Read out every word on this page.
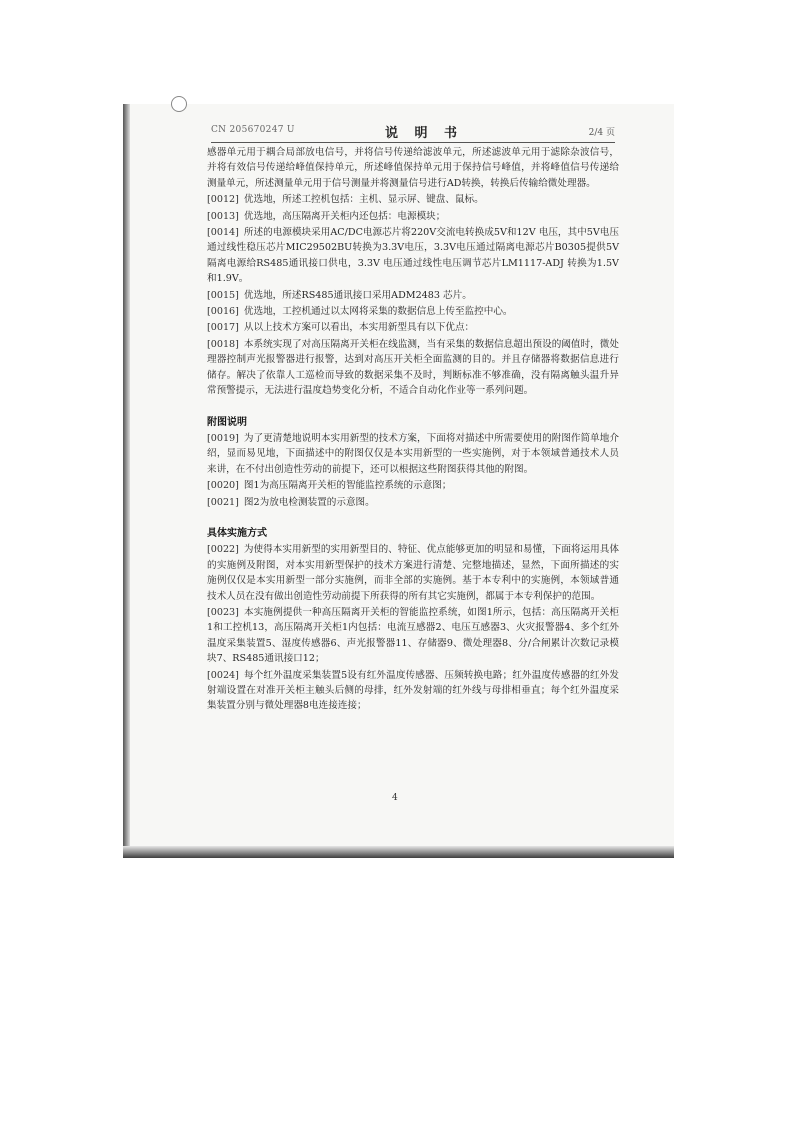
CN 205670247 U	说 明 书	2/4 页

感器单元用于耦合局部放电信号，并将信号传递给滤波单元，所述滤波单元用于滤除杂波信号，并将有效信号传递给峰值保持单元，所述峰值保持单元用于保持信号峰值，并将峰值信号传递给测量单元，所述测量单元用于信号测量并将测量信号进行AD转换，转换后传输给微处理器。

[0012] 优选地，所述工控机包括：主机、显示屏、键盘、鼠标。

[0013] 优选地，高压隔离开关柜内还包括：电源模块；

[0014] 所述的电源模块采用AC/DC电源芯片将220V交流电转换成5V和12V 电压，其中5V电压通过线性稳压芯片MIC29502BU转换为3.3V电压，3.3V电压通过隔离电源芯片B0305提供5V隔离电源给RS485通讯接口供电，3.3V 电压通过线性电压调节芯片LM1117-ADJ 转换为1.5V和1.9V。

[0015] 优选地，所述RS485通讯接口采用ADM2483 芯片。

[0016] 优选地，工控机通过以太网将采集的数据信息上传至监控中心。

[0017] 从以上技术方案可以看出，本实用新型具有以下优点：

[0018] 本系统实现了对高压隔离开关柜在线监测，当有采集的数据信息超出预设的阈值时，微处理器控制声光报警器进行报警，达到对高压开关柜全面监测的目的。并且存储器将数据信息进行储存。解决了依靠人工巡检而导致的数据采集不及时，判断标准不够准确，没有隔离触头温升异常预警提示，无法进行温度趋势变化分析，不适合自动化作业等一系列问题。

附图说明

[0019] 为了更清楚地说明本实用新型的技术方案，下面将对描述中所需要使用的附图作简单地介绍，显而易见地，下面描述中的附图仅仅是本实用新型的一些实施例，对于本领域普通技术人员来讲，在不付出创造性劳动的前提下，还可以根据这些附图获得其他的附图。

[0020] 图1为高压隔离开关柜的智能监控系统的示意图；

[0021] 图2为放电检测装置的示意图。

具体实施方式

[0022] 为使得本实用新型的实用新型目的、特征、优点能够更加的明显和易懂，下面将运用具体的实施例及附图，对本实用新型保护的技术方案进行清楚、完整地描述，显然，下面所描述的实施例仅仅是本实用新型一部分实施例，而非全部的实施例。基于本专利中的实施例，本领域普通技术人员在没有做出创造性劳动前提下所获得的所有其它实施例，都属于本专利保护的范围。

[0023] 本实施例提供一种高压隔离开关柜的智能监控系统，如图1所示，包括：高压隔离开关柜1和工控机13，高压隔离开关柜1内包括：电流互感器2、电压互感器3、火灾报警器4、多个红外温度采集装置5、湿度传感器6、声光报警器11、存储器9、微处理器8、分/合闸累计次数记录模块7、RS485通讯接口12；

[0024] 每个红外温度采集装置5设有红外温度传感器、压频转换电路；红外温度传感器的红外发射端设置在对准开关柜主触头后侧的母排，红外发射端的红外线与母排相垂直；每个红外温度采集装置分别与微处理器8电连接连接；

4
